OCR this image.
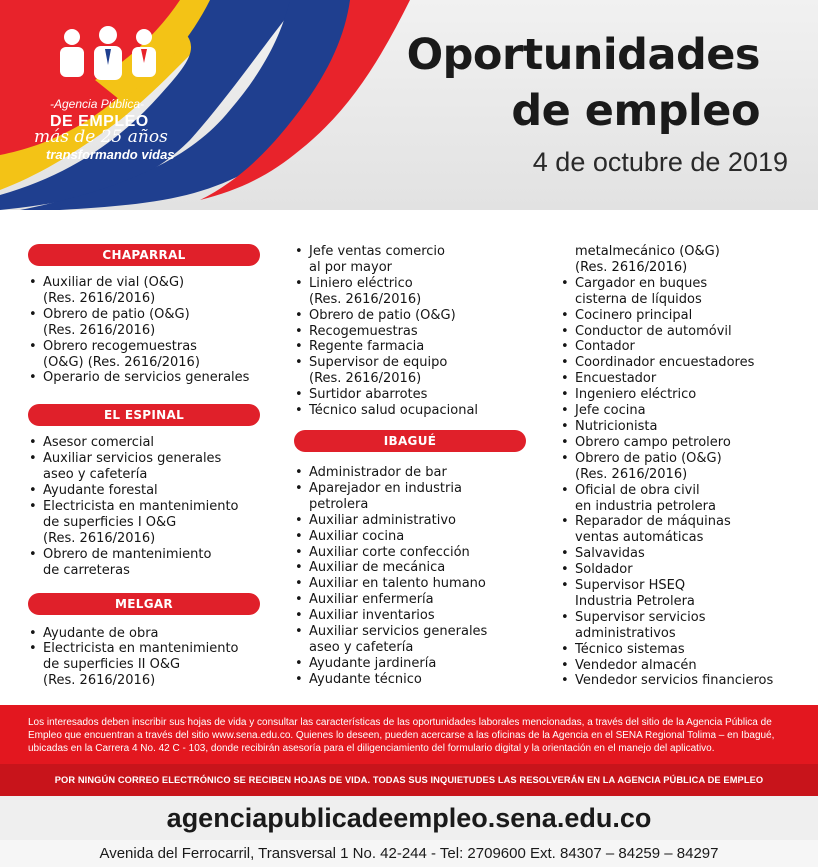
-Agencia Pública-
DE EMPLEO
más de 25 años
transformando vidas
Oportunidades
de empleo
4 de octubre de 2019
CHAPARRAL
• Auxiliar de vial (O&G)
(Res. 2616/2016)
• Obrero de patio (O&G)
(Res. 2616/2016)
• Obrero recogemuestras
(O&G) (Res. 2616/2016)
• Operario de servicios generales
EL ESPINAL
• Asesor comercial
• Auxiliar servicios generales
aseo y cafetería
• Ayudante forestal
• Electricista en mantenimiento
de superficies I O&G
(Res. 2616/2016)
• Obrero de mantenimiento
de carreteras
MELGAR
• Ayudante de obra
• Electricista en mantenimiento
de superficies II O&G
(Res. 2616/2016)
• Jefe ventas comercio
al por mayor
• Liniero eléctrico
(Res. 2616/2016)
• Obrero de patio (O&G)
• Recogemuestras
• Regente farmacia
• Supervisor de equipo
(Res. 2616/2016)
• Surtidor abarrotes
• Técnico salud ocupacional
IBAGUÉ
• Administrador de bar
• Aparejador en industria
petrolera
• Auxiliar administrativo
• Auxiliar cocina
• Auxiliar corte confección
• Auxiliar de mecánica
• Auxiliar en talento humano
• Auxiliar enfermería
• Auxiliar inventarios
• Auxiliar servicios generales
aseo y cafetería
• Ayudante jardinería
• Ayudante técnico
metalmecánico (O&G)
(Res. 2616/2016)
• Cargador en buques
cisterna de líquidos
• Cocinero principal
• Conductor de automóvil
• Contador
• Coordinador encuestadores
• Encuestador
• Ingeniero eléctrico
• Jefe cocina
• Nutricionista
• Obrero campo petrolero
• Obrero de patio (O&G)
(Res. 2616/2016)
• Oficial de obra civil
en industria petrolera
• Reparador de máquinas
ventas automáticas
• Salvavidas
• Soldador
• Supervisor HSEQ
Industria Petrolera
• Supervisor servicios
administrativos
• Técnico sistemas
• Vendedor almacén
• Vendedor servicios financieros
Los interesados deben inscribir sus hojas de vida y consultar las características de las oportunidades laborales mencionadas, a través del sitio de la Agencia Pública de Empleo que encuentran a través del sitio www.sena.edu.co. Quienes lo deseen, pueden acercarse a las oficinas de la Agencia en el SENA Regional Tolima – en Ibagué, ubicadas en la Carrera 4 No. 42 C - 103, donde recibirán asesoría para el diligenciamiento del formulario digital y la orientación en el manejo del aplicativo.
POR NINGÚN CORREO ELECTRÓNICO SE RECIBEN HOJAS DE VIDA. TODAS SUS INQUIETUDES LAS RESOLVERÁN EN LA AGENCIA PÚBLICA DE EMPLEO
agenciapublicadeempleo.sena.edu.co
Avenida del Ferrocarril, Transversal 1 No. 42-244 - Tel: 2709600 Ext. 84307 – 84259 – 84297
